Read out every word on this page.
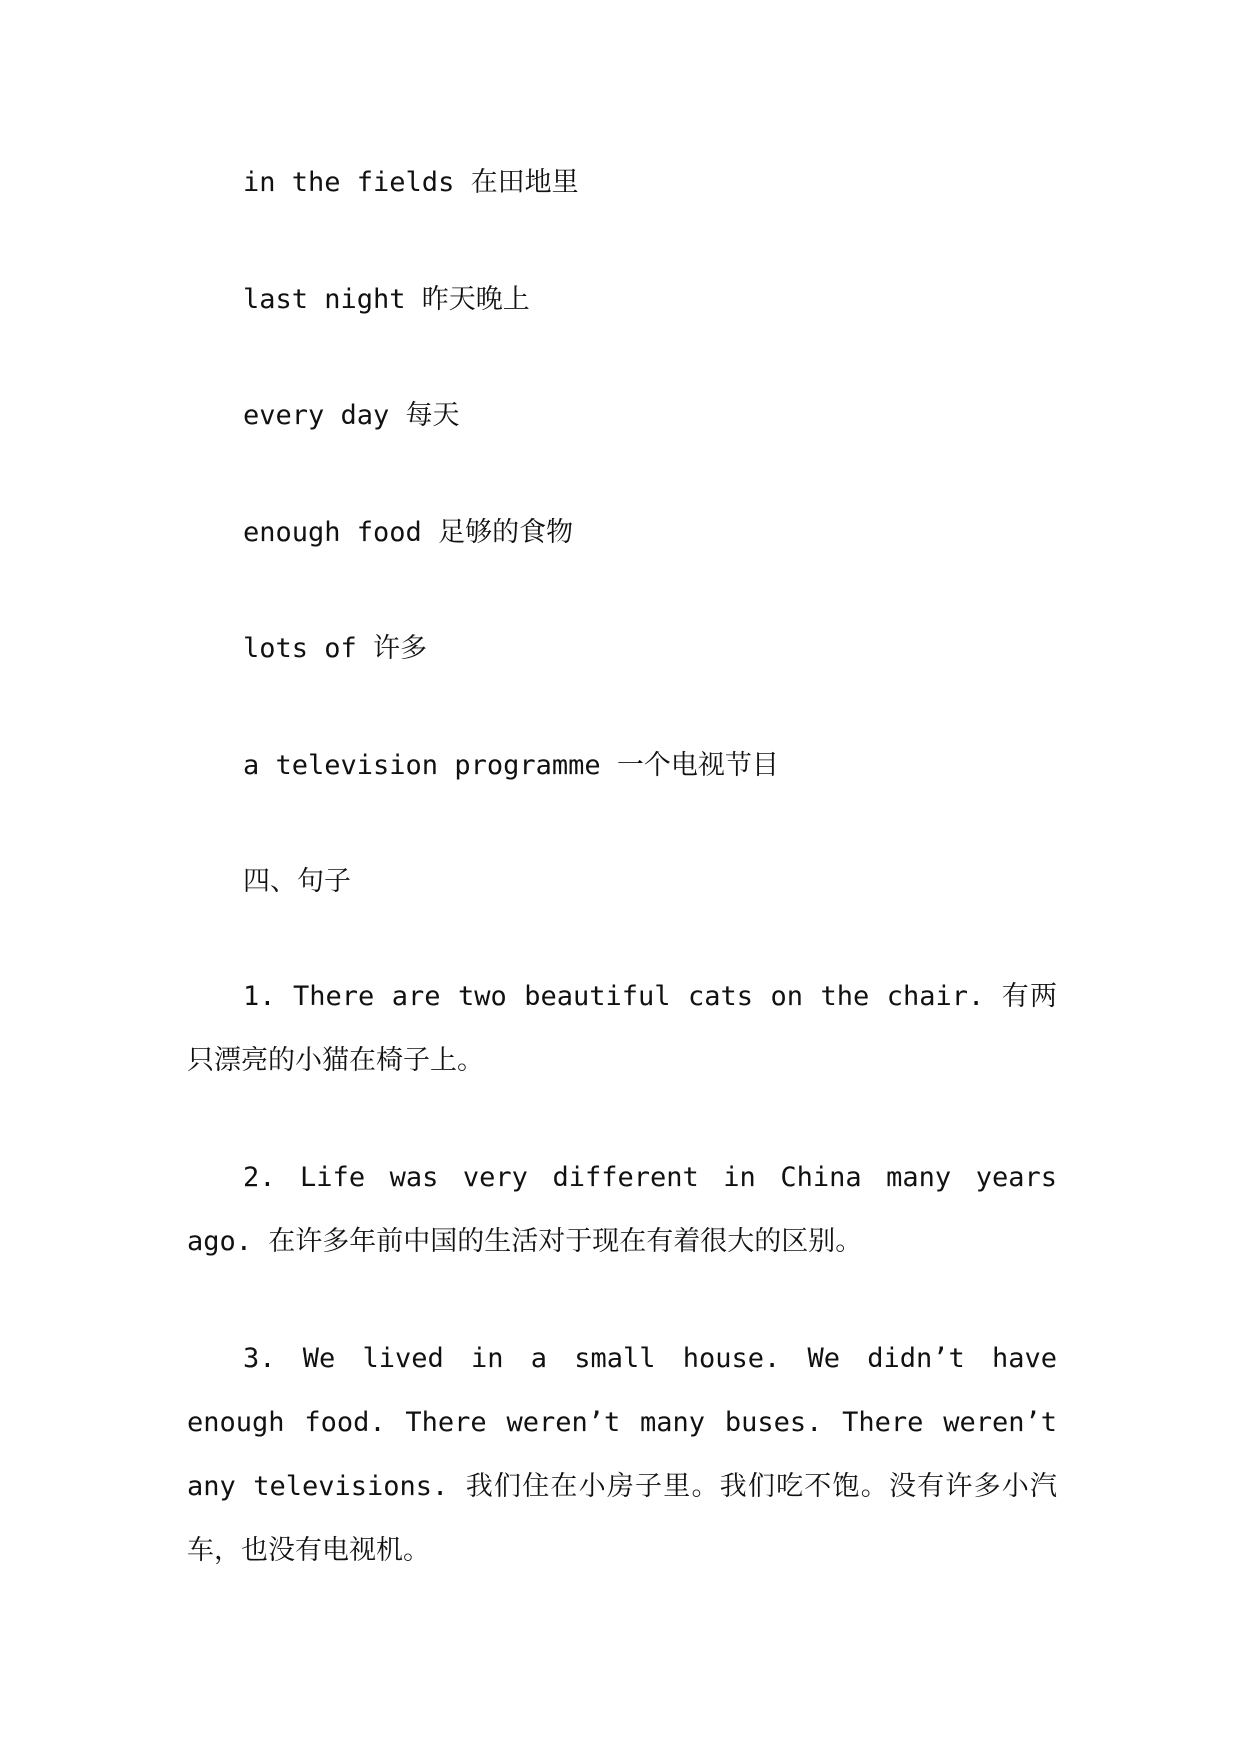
in the fields 在田地里
last night 昨天晚上
every day 每天
enough food 足够的食物
lots of 许多
a television programme 一个电视节目
四、句子

1. There are two beautiful cats on the chair. 有两只漂亮的小猫在椅子上。

2. Life was very different in China many years ago. 在许多年前中国的生活对于现在有着很大的区别。

3. We lived in a small house. We didn’t have enough food. There weren’t many buses. There weren’t any televisions. 我们住在小房子里。我们吃不饱。没有许多小汽车，也没有电视机。
